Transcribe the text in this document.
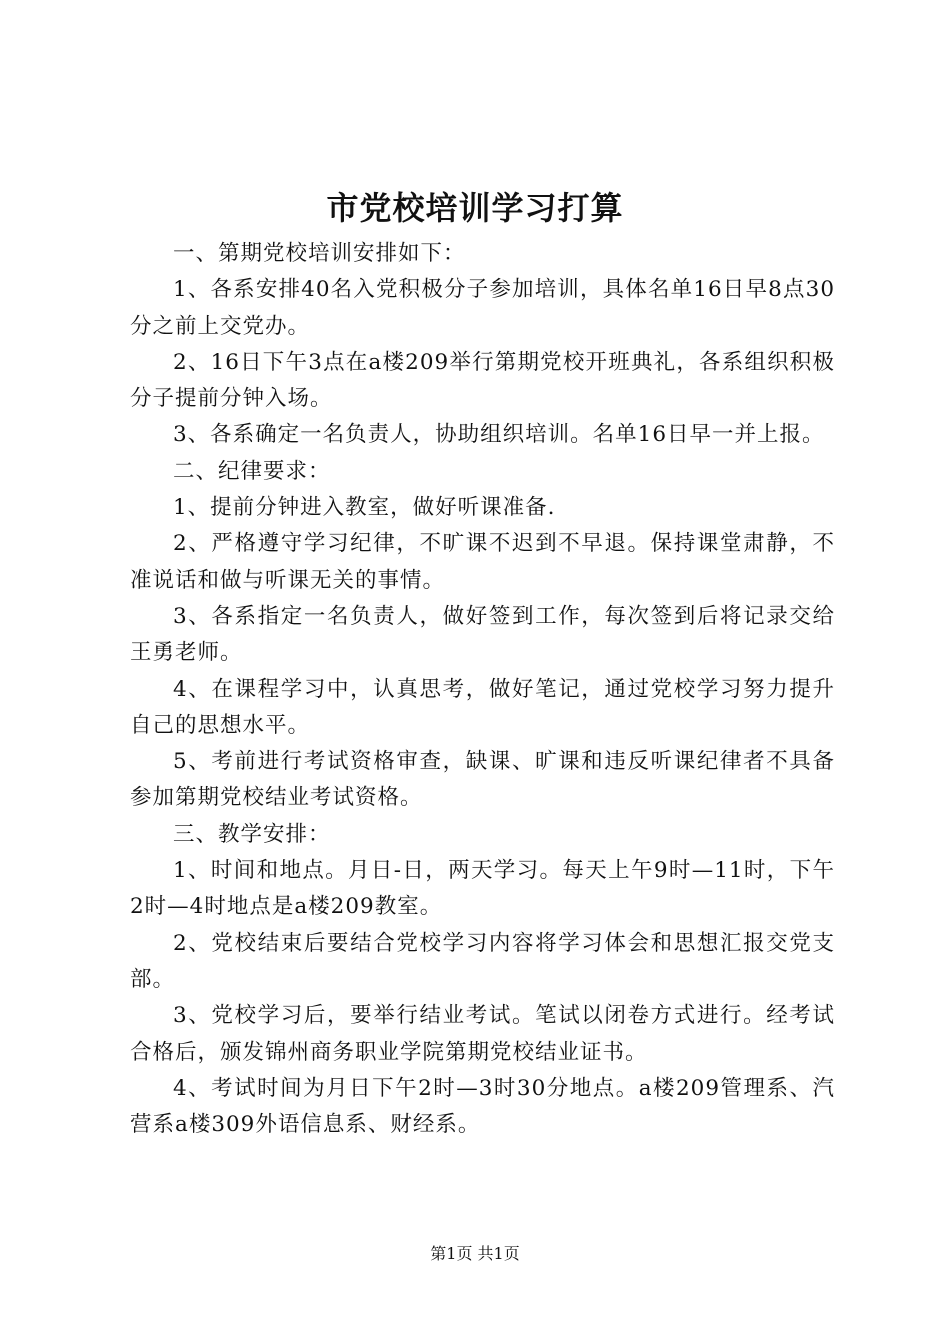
市党校培训学习打算

一、第期党校培训安排如下：

1、各系安排40名入党积极分子参加培训，具体名单16日早8点30分之前上交党办。

2、16日下午3点在a楼209举行第期党校开班典礼，各系组织积极分子提前分钟入场。

3、各系确定一名负责人，协助组织培训。名单16日早一并上报。

二、纪律要求：

1、提前分钟进入教室，做好听课准备.

2、严格遵守学习纪律，不旷课不迟到不早退。保持课堂肃静，不准说话和做与听课无关的事情。

3、各系指定一名负责人，做好签到工作，每次签到后将记录交给王勇老师。

4、在课程学习中，认真思考，做好笔记，通过党校学习努力提升自己的思想水平。

5、考前进行考试资格审查，缺课、旷课和违反听课纪律者不具备参加第期党校结业考试资格。

三、教学安排：

1、时间和地点。月日-日，两天学习。每天上午9时—11时，下午2时—4时地点是a楼209教室。

2、党校结束后要结合党校学习内容将学习体会和思想汇报交党支部。

3、党校学习后，要举行结业考试。笔试以闭卷方式进行。经考试合格后，颁发锦州商务职业学院第期党校结业证书。

4、考试时间为月日下午2时—3时30分地点。a楼209管理系、汽营系a楼309外语信息系、财经系。

第1页 共1页
